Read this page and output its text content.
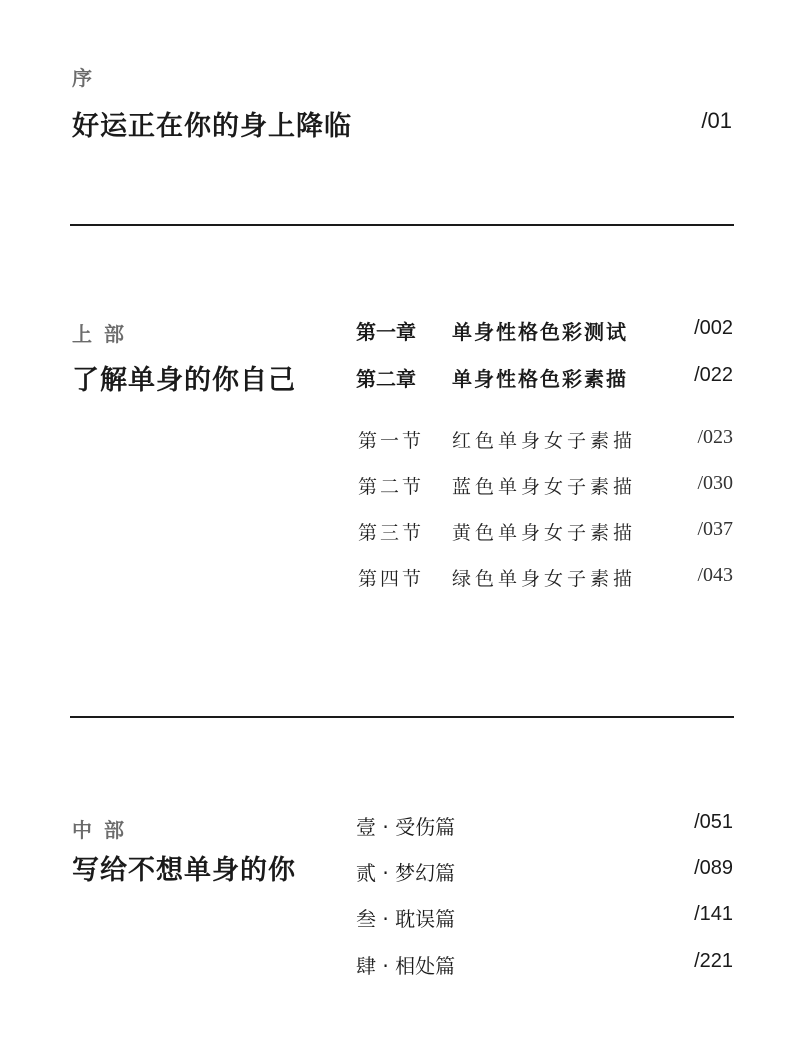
序
好运正在你的身上降临	/01
上部
了解单身的你自己
第一章 单身性格色彩测试	/002
第二章 单身性格色彩素描	/022
第一节 红色单身女子素描	/023
第二节 蓝色单身女子素描	/030
第三节 黄色单身女子素描	/037
第四节 绿色单身女子素描	/043
中部
写给不想单身的你
壹 · 受伤篇	/051
贰 · 梦幻篇	/089
叁 · 耽误篇	/141
肆 · 相处篇	/221
